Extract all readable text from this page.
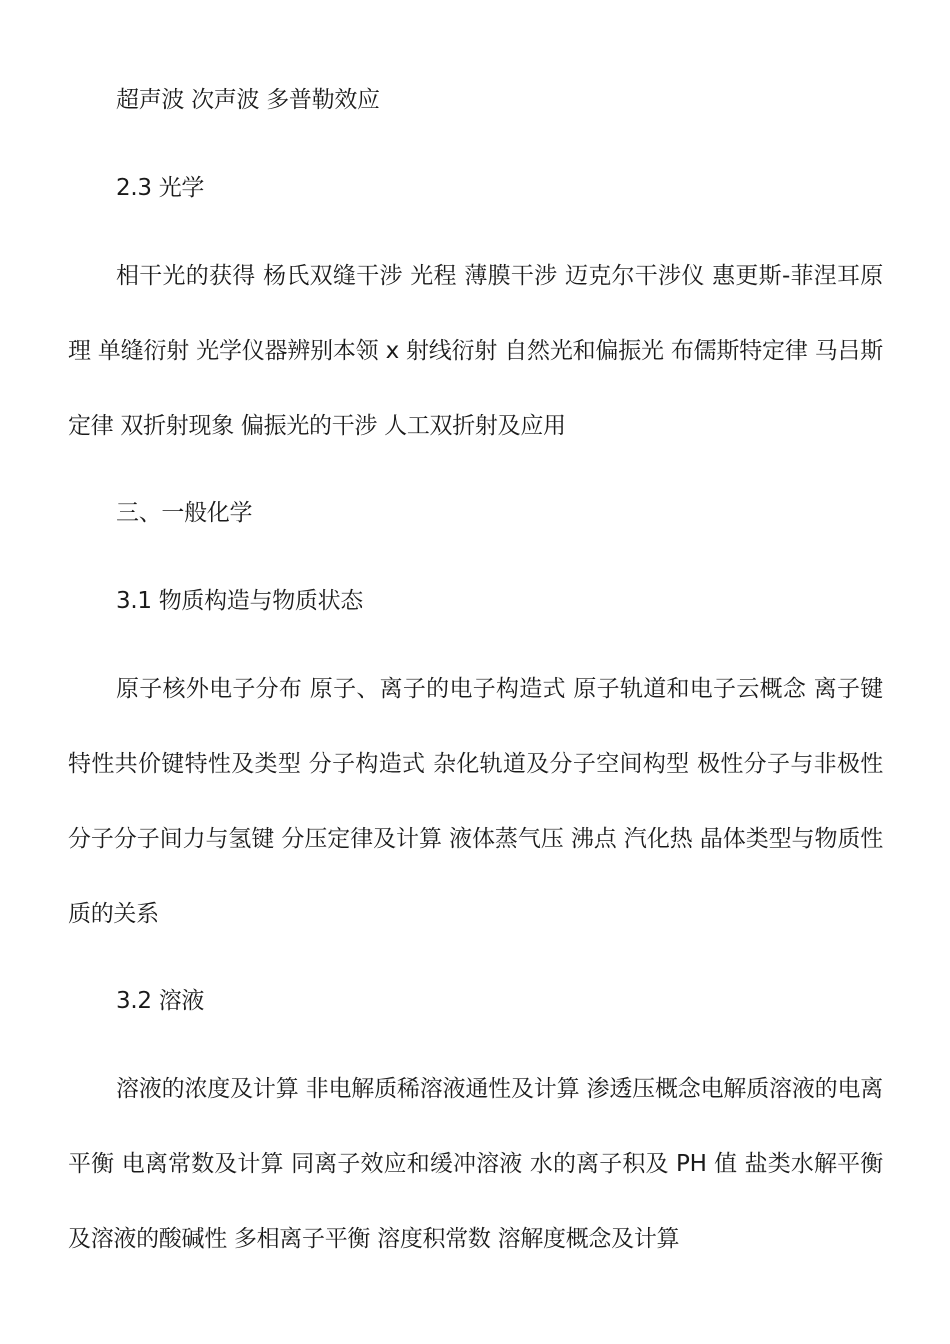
超声波 次声波 多普勒效应

2.3 光学

相干光的获得 杨氏双缝干涉 光程 薄膜干涉 迈克尔干涉仪 惠更斯-菲涅耳原理 单缝衍射 光学仪器辨别本领 x 射线衍射 自然光和偏振光 布儒斯特定律 马吕斯定律 双折射现象 偏振光的干涉 人工双折射及应用

三、一般化学

3.1 物质构造与物质状态

原子核外电子分布 原子、离子的电子构造式 原子轨道和电子云概念 离子键特性共价键特性及类型 分子构造式 杂化轨道及分子空间构型 极性分子与非极性分子分子间力与氢键 分压定律及计算 液体蒸气压 沸点 汽化热 晶体类型与物质性质的关系

3.2 溶液

溶液的浓度及计算 非电解质稀溶液通性及计算 渗透压概念电解质溶液的电离平衡 电离常数及计算 同离子效应和缓冲溶液 水的离子积及 PH 值 盐类水解平衡及溶液的酸碱性 多相离子平衡 溶度积常数 溶解度概念及计算
